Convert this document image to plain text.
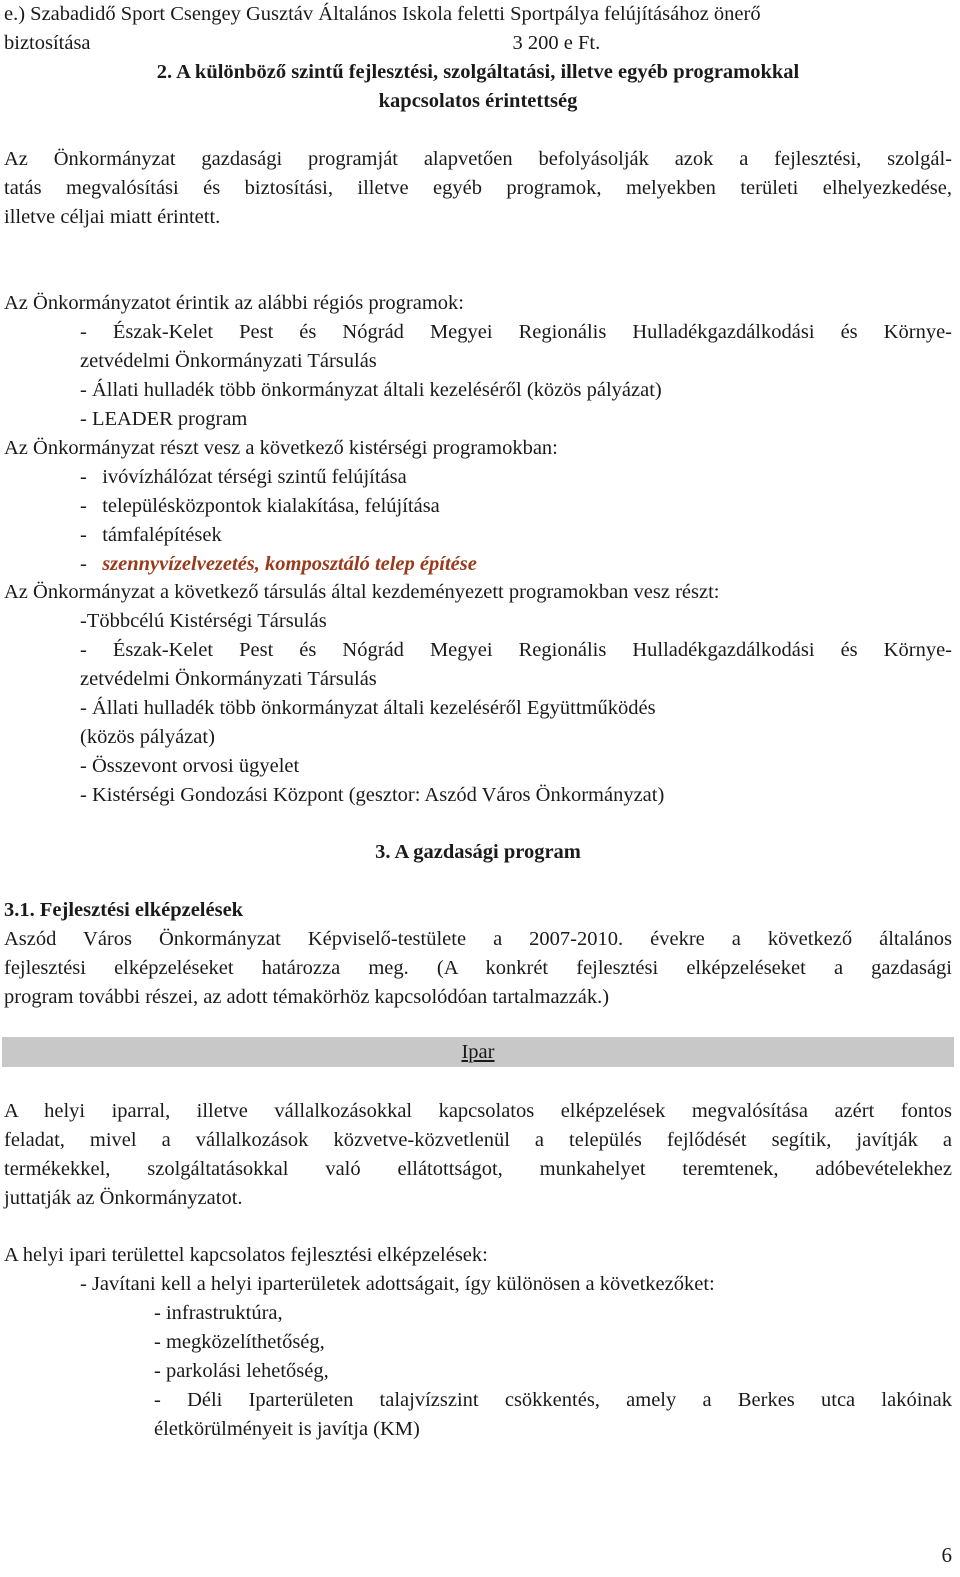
e.) Szabadidő Sport Csengey Gusztáv Általános Iskola feletti Sportpálya felújításához önerő
biztosítása	3 200 e Ft.
2. A különböző szintű fejlesztési, szolgáltatási, illetve egyéb programokkal
kapcsolatos érintettség
Az Önkormányzat gazdasági programját alapvetően befolyásolják azok a fejlesztési, szolgál-
tatás megvalósítási és biztosítási, illetve egyéb programok, melyekben területi elhelyezkedése,
illetve céljai miatt érintett.
Az Önkormányzatot érintik az alábbi régiós programok:
- Észak-Kelet Pest és Nógrád Megyei Regionális Hulladékgazdálkodási és Környe-
zetvédelmi Önkormányzati Társulás
- Állati hulladék több önkormányzat általi kezeléséről (közös pályázat)
- LEADER program
Az Önkormányzat részt vesz a következő kistérségi programokban:
-   ivóvízhálózat térségi szintű felújítása
-   településközpontok kialakítása, felújítása
-   támfalépítések
-   szennyvízelvezetés, komposztáló telep építése
Az Önkormányzat a következő társulás által kezdeményezett programokban vesz részt:
-Többcélú Kistérségi Társulás
- Észak-Kelet Pest és Nógrád Megyei Regionális Hulladékgazdálkodási és Környe-
zetvédelmi Önkormányzati Társulás
- Állati hulladék több önkormányzat általi kezeléséről Együttműködés
(közös pályázat)
- Összevont orvosi ügyelet
- Kistérségi Gondozási Központ (gesztor: Aszód Város Önkormányzat)
3. A gazdasági program
3.1. Fejlesztési elképzelések
Aszód Város Önkormányzat Képviselő-testülete a 2007-2010. évekre a következő általános
fejlesztési elképzeléseket határozza meg. (A konkrét fejlesztési elképzeléseket a gazdasági
program további részei, az adott témakörhöz kapcsolódóan tartalmazzák.)
Ipar
A helyi iparral, illetve vállalkozásokkal kapcsolatos elképzelések megvalósítása azért fontos
feladat, mivel a vállalkozások közvetve-közvetlenül a település fejlődését segítik, javítják a
termékekkel, szolgáltatásokkal való ellátottságot, munkahelyet teremtenek, adóbevételekhez
juttatják az Önkormányzatot.
A helyi ipari területtel kapcsolatos fejlesztési elképzelések:
- Javítani kell a helyi iparterületek adottságait, így különösen a következőket:
- infrastruktúra,
- megközelíthetőség,
- parkolási lehetőség,
- Déli Iparterületen talajvízszint csökkentés, amely a Berkes utca lakóinak
életkörülményeit is javítja (KM)
6
